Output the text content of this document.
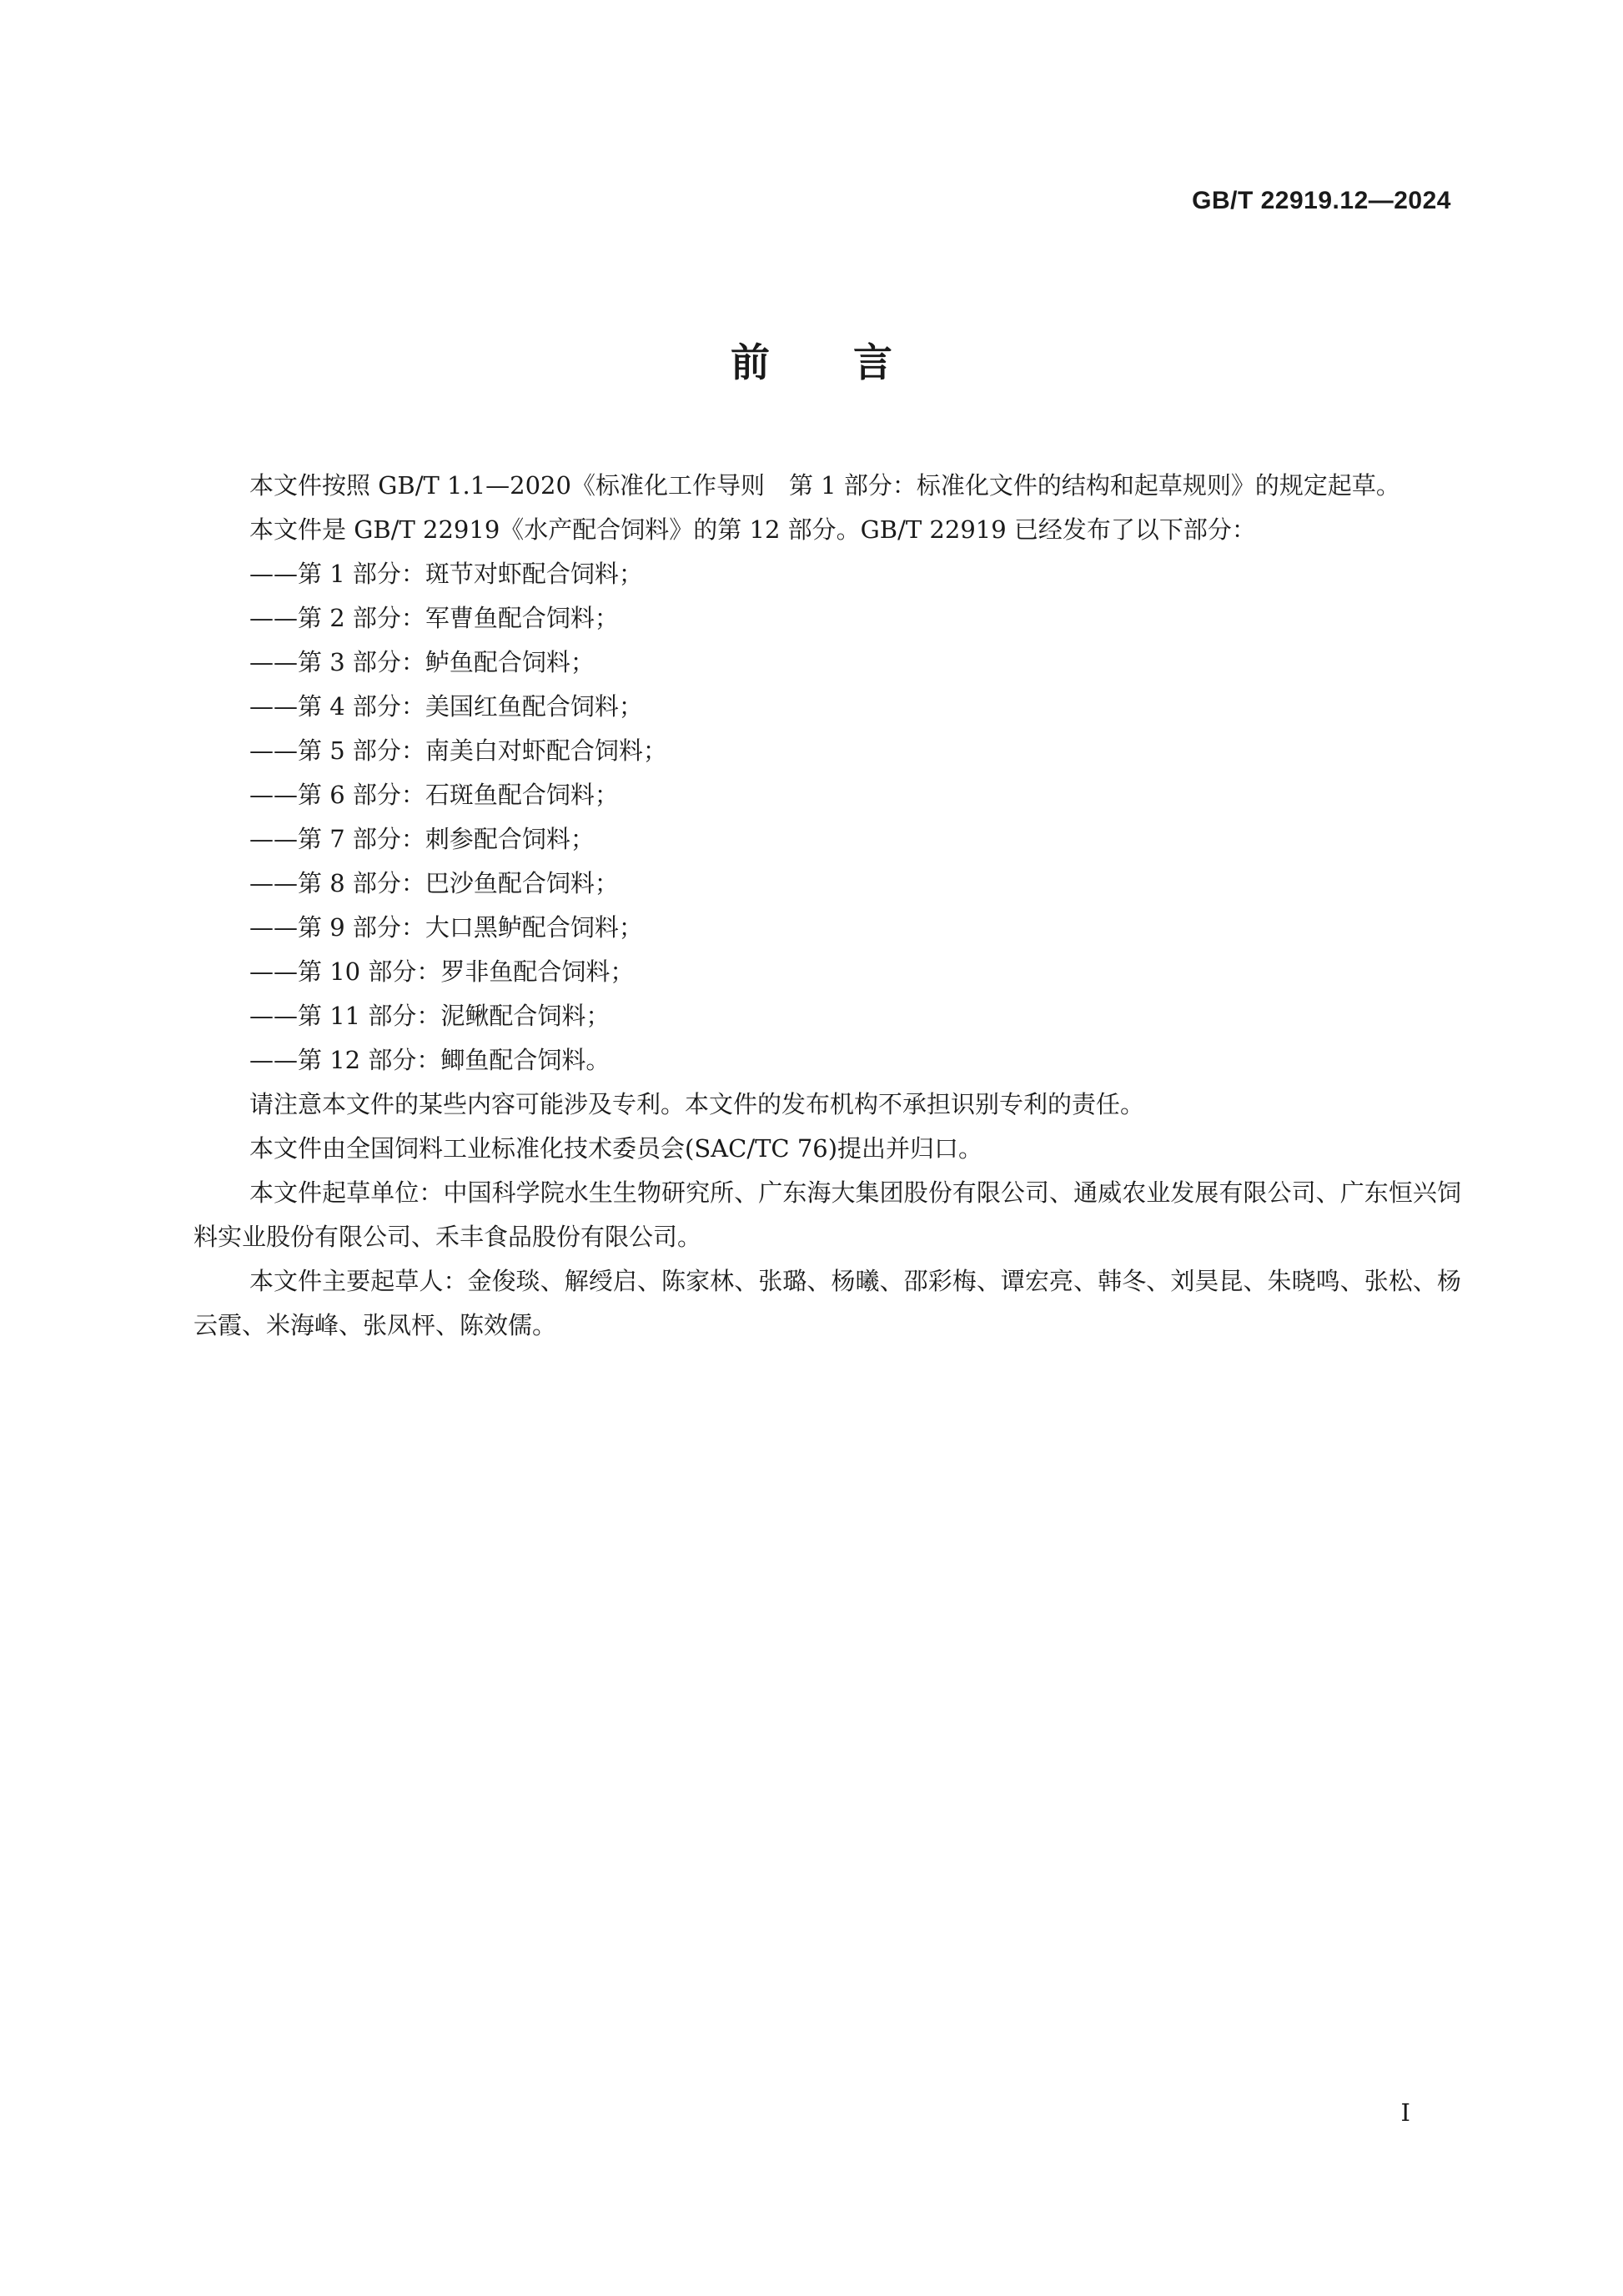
GB/T 22919.12—2024
前 言

本文件按照 GB/T 1.1—2020《标准化工作导则　第 1 部分：标准化文件的结构和起草规则》的规定起草。

本文件是 GB/T 22919《水产配合饲料》的第 12 部分。GB/T 22919 已经发布了以下部分：

——第 1 部分：斑节对虾配合饲料；

——第 2 部分：军曹鱼配合饲料；

——第 3 部分：鲈鱼配合饲料；

——第 4 部分：美国红鱼配合饲料；

——第 5 部分：南美白对虾配合饲料；

——第 6 部分：石斑鱼配合饲料；

——第 7 部分：刺参配合饲料；

——第 8 部分：巴沙鱼配合饲料；

——第 9 部分：大口黑鲈配合饲料；

——第 10 部分：罗非鱼配合饲料；

——第 11 部分：泥鳅配合饲料；

——第 12 部分：鲫鱼配合饲料。

请注意本文件的某些内容可能涉及专利。本文件的发布机构不承担识别专利的责任。

本文件由全国饲料工业标准化技术委员会(SAC/TC 76)提出并归口。

本文件起草单位：中国科学院水生生物研究所、广东海大集团股份有限公司、通威农业发展有限公司、广东恒兴饲料实业股份有限公司、禾丰食品股份有限公司。

本文件主要起草人：金俊琰、解绶启、陈家林、张璐、杨曦、邵彩梅、谭宏亮、韩冬、刘昊昆、朱晓鸣、张松、杨云霞、米海峰、张凤枰、陈效儒。

Ⅰ
